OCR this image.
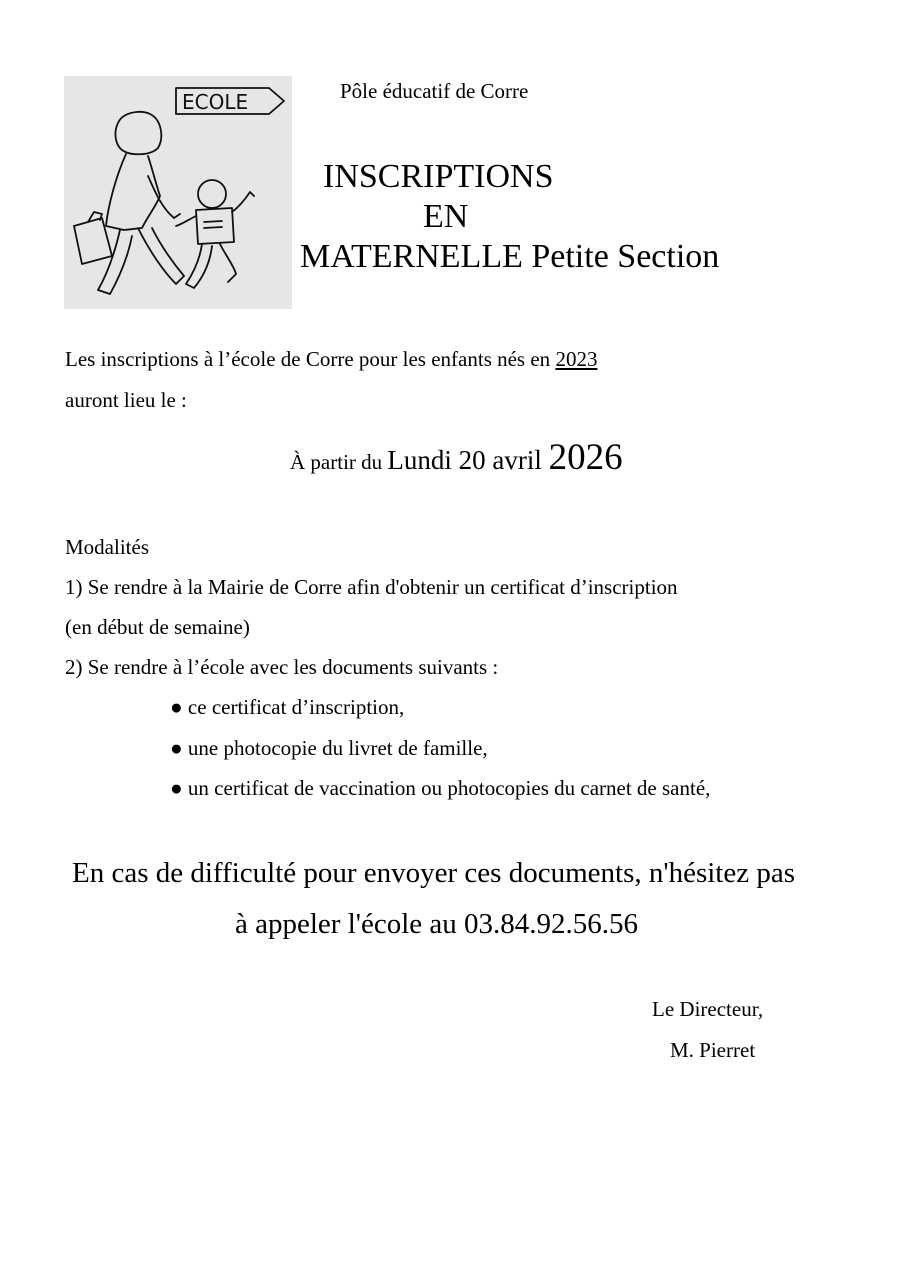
ECOLE	Pôle éducatif de Corre
INSCRIPTIONS
EN
MATERNELLE Petite Section
Les inscriptions à l’école de Corre pour les enfants nés en 2023
auront lieu le :
À partir du Lundi 20 avril 2026
Modalités
1) Se rendre à la Mairie de Corre afin d'obtenir un certificat d’inscription
(en début de semaine)
2) Se rendre à l’école avec les documents suivants :
● ce certificat d’inscription,
● une photocopie du livret de famille,
● un certificat de vaccination ou photocopies du carnet de santé,
En cas de difficulté pour envoyer ces documents, n'hésitez pas
à appeler l'école au 03.84.92.56.56
Le Directeur,
M. Pierret
